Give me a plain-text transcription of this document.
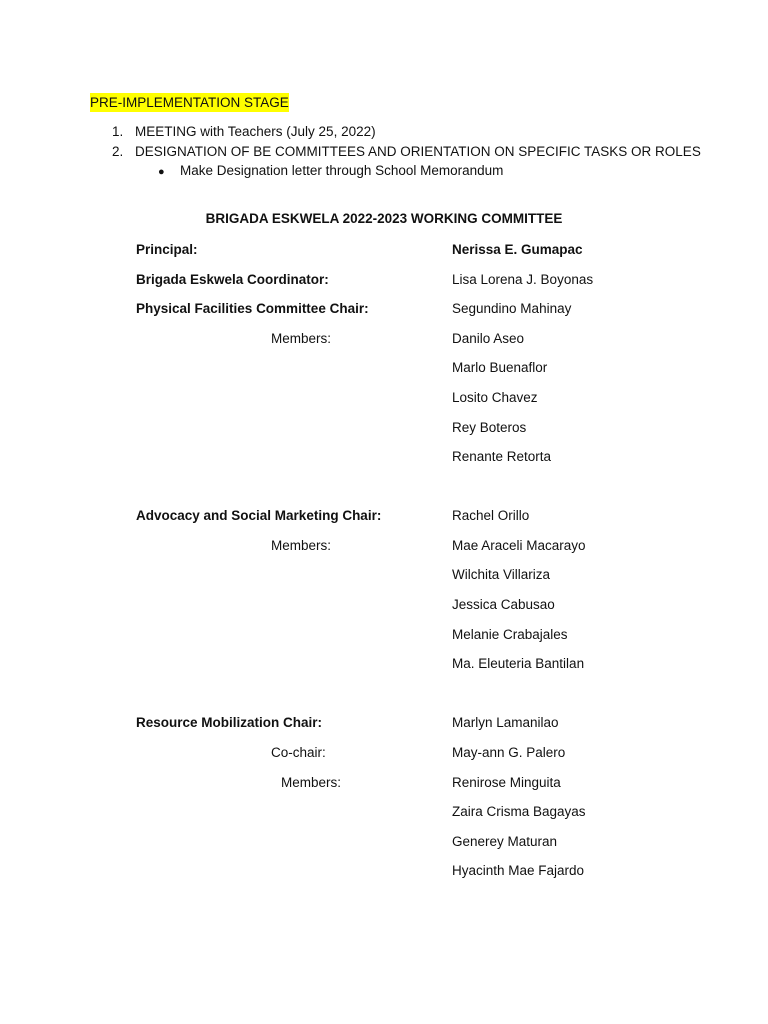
PRE-IMPLEMENTATION STAGE
1. MEETING with Teachers (July 25, 2022)
2. DESIGNATION OF BE COMMITTEES AND ORIENTATION ON SPECIFIC TASKS OR ROLES
● Make Designation letter through School Memorandum
BRIGADA ESKWELA 2022-2023 WORKING COMMITTEE
Principal:	Nerissa E. Gumapac
Brigada Eskwela Coordinator:	Lisa Lorena J. Boyonas
Physical Facilities Committee Chair:	Segundino Mahinay
Members:	Danilo Aseo
Marlo Buenaflor
Losito Chavez
Rey Boteros
Renante Retorta
Advocacy and Social Marketing Chair:	Rachel Orillo
Members:	Mae Araceli Macarayo
Wilchita Villariza
Jessica Cabusao
Melanie Crabajales
Ma. Eleuteria Bantilan
Resource Mobilization Chair:	Marlyn Lamanilao
Co-chair:	May-ann G. Palero
Members:	Renirose Minguita
Zaira Crisma Bagayas
Generey Maturan
Hyacinth Mae Fajardo
